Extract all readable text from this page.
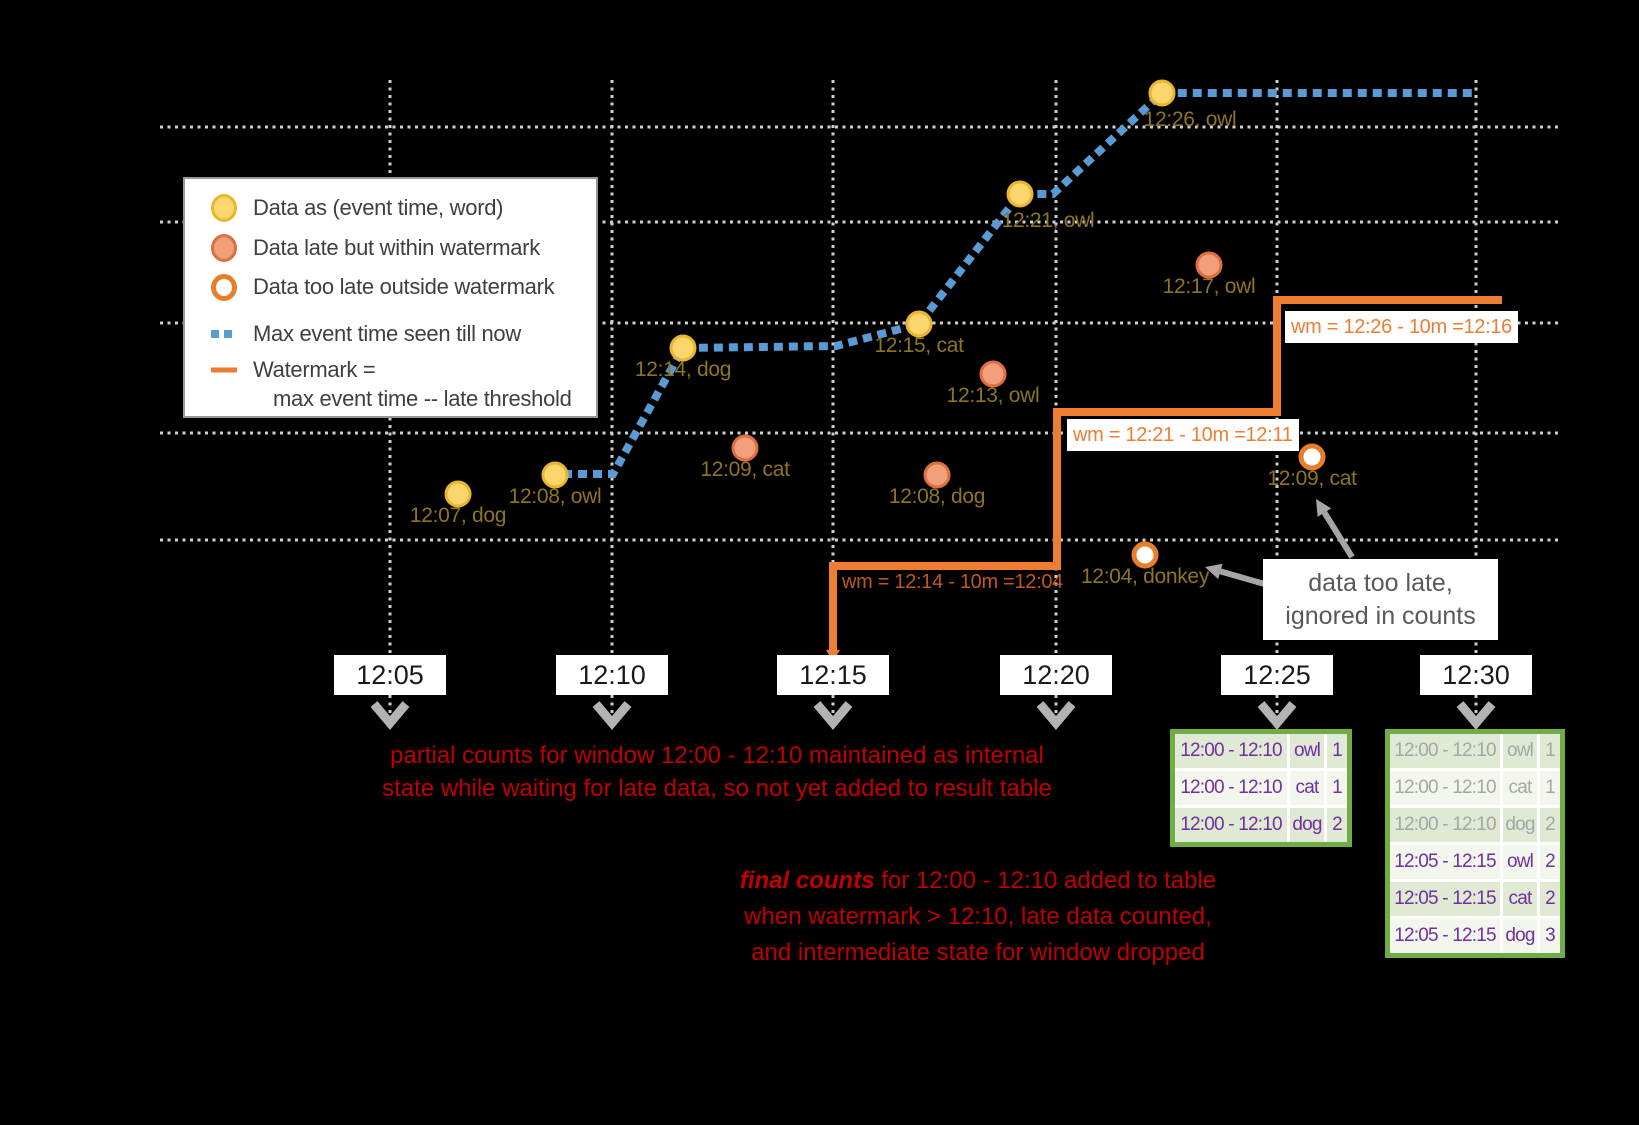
Data as (event time, word)
Data late but within watermark
Data too late outside watermark
Max event time seen till now
Watermark =
max event time -- late threshold
data too late,
ignored in counts
partial counts for window 12:00 - 12:10 maintained as internal
state while waiting for late data, so not yet added to result table
final counts for 12:00 - 12:10 added to table
when watermark > 12:10, late data counted,
and intermediate state for window dropped
12:07, dog
12:08, owl
12:14, dog
12:15, cat
12:21, owl
12:26, owl
12:09, cat
12:08, dog
12:13, owl
12:17, owl
12:04, donkey
12:09, cat
12:05	12:10	12:15	12:20	12:25	12:30
wm = 12:14 - 10m =12:04
wm = 12:21 - 10m =12:11
wm = 12:26 - 10m =12:16
12:00 - 12:10 owl 1
12:00 - 12:10 cat 1
12:00 - 12:10 dog 2
12:00 - 12:10 owl 1
12:00 - 12:10 cat 1
12:00 - 12:10 dog 2
12:05 - 12:15 owl 2
12:05 - 12:15 cat 2
12:05 - 12:15 dog 3
